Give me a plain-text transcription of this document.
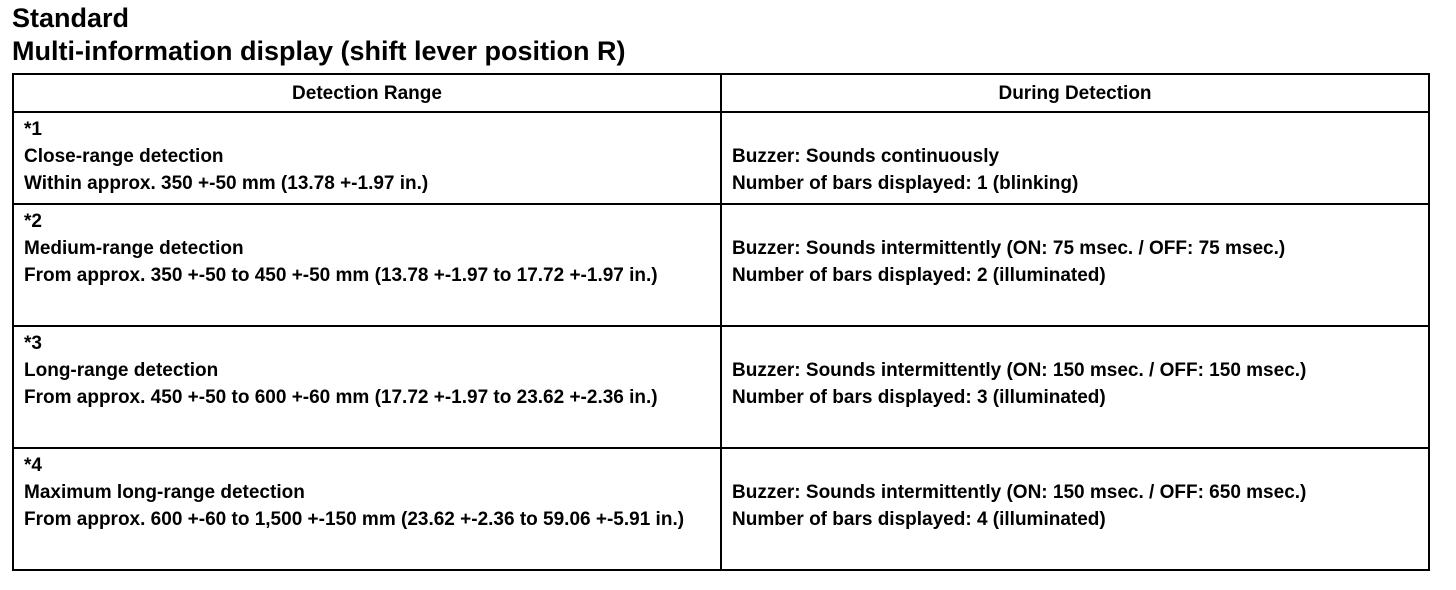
Standard
Multi-information display (shift lever position R)
Detection Range	During Detection

*1
Close-range detection
Within approx. 350 +-50 mm (13.78 +-1.97 in.)	Buzzer: Sounds continuously
Number of bars displayed: 1 (blinking)

*2
Medium-range detection
From approx. 350 +-50 to 450 +-50 mm (13.78 +-1.97 to 17.72 +-1.97 in.)	Buzzer: Sounds intermittently (ON: 75 msec. / OFF: 75 msec.)
Number of bars displayed: 2 (illuminated)

*3
Long-range detection
From approx. 450 +-50 to 600 +-60 mm (17.72 +-1.97 to 23.62 +-2.36 in.)	Buzzer: Sounds intermittently (ON: 150 msec. / OFF: 150 msec.)
Number of bars displayed: 3 (illuminated)

*4
Maximum long-range detection
From approx. 600 +-60 to 1,500 +-150 mm (23.62 +-2.36 to 59.06 +-5.91 in.)	Buzzer: Sounds intermittently (ON: 150 msec. / OFF: 650 msec.)
Number of bars displayed: 4 (illuminated)
